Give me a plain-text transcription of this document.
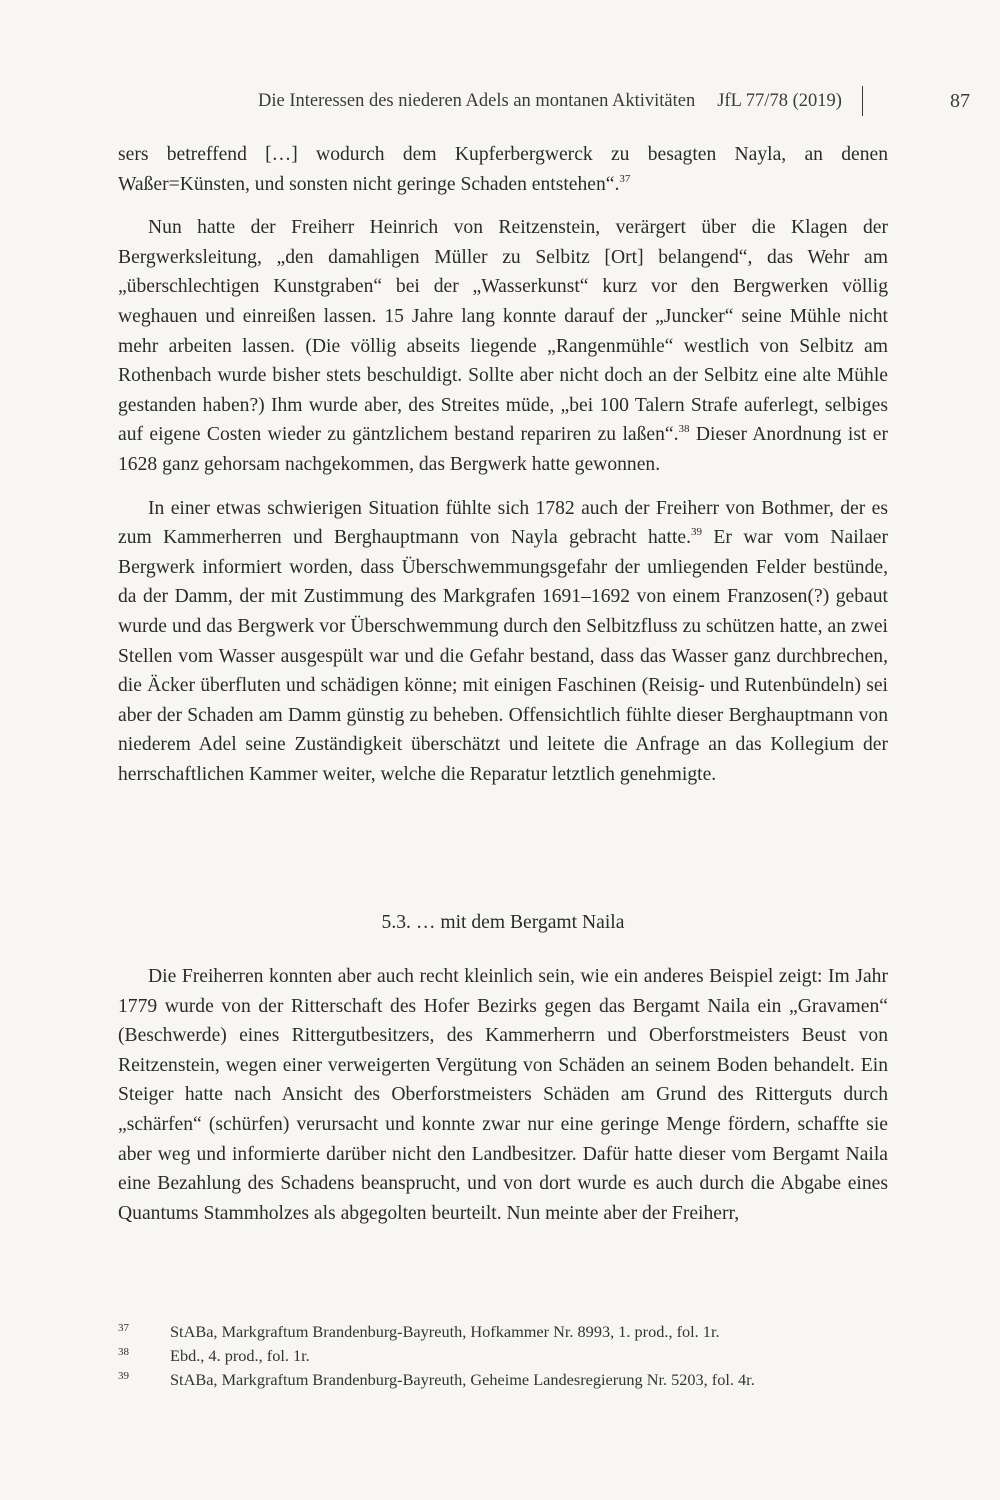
Die Interessen des niederen Adels an montanen Aktivitäten JfL 77/78 (2019)	87

sers betreffend […] wodurch dem Kupferbergwerck zu besagten Nayla, an denen Waßer=Künsten, und sonsten nicht geringe Schaden entstehen“.$^{37}$

Nun hatte der Freiherr Heinrich von Reitzenstein, verärgert über die Klagen der Bergwerksleitung, „den damahligen Müller zu Selbitz [Ort] belangend“, das Wehr am „überschlechtigen Kunstgraben“ bei der „Wasserkunst“ kurz vor den Bergwerken völlig weghauen und einreißen lassen. 15 Jahre lang konnte darauf der „Juncker“ seine Mühle nicht mehr arbeiten lassen. (Die völlig abseits liegende „Rangenmühle“ westlich von Selbitz am Rothenbach wurde bisher stets beschuldigt. Sollte aber nicht doch an der Selbitz eine alte Mühle gestanden haben?) Ihm wurde aber, des Streites müde, „bei 100 Talern Strafe auferlegt, selbiges auf eigene Costen wieder zu gäntzlichem bestand repariren zu laßen“.$^{38}$ Dieser Anordnung ist er 1628 ganz gehorsam nachgekommen, das Bergwerk hatte gewonnen.

In einer etwas schwierigen Situation fühlte sich 1782 auch der Freiherr von Bothmer, der es zum Kammerherren und Berghauptmann von Nayla gebracht hatte.$^{39}$ Er war vom Nailaer Bergwerk informiert worden, dass Überschwemmungsgefahr der umliegenden Felder bestünde, da der Damm, der mit Zustimmung des Markgrafen 1691–1692 von einem Franzosen(?) gebaut wurde und das Bergwerk vor Überschwemmung durch den Selbitzfluss zu schützen hatte, an zwei Stellen vom Wasser ausgespült war und die Gefahr bestand, dass das Wasser ganz durchbrechen, die Äcker überfluten und schädigen könne; mit einigen Faschinen (Reisig- und Rutenbündeln) sei aber der Schaden am Damm günstig zu beheben. Offensichtlich fühlte dieser Berghauptmann von niederem Adel seine Zuständigkeit überschätzt und leitete die Anfrage an das Kollegium der herrschaftlichen Kammer weiter, welche die Reparatur letztlich genehmigte.

5.3. … mit dem Bergamt Naila

Die Freiherren konnten aber auch recht kleinlich sein, wie ein anderes Beispiel zeigt: Im Jahr 1779 wurde von der Ritterschaft des Hofer Bezirks gegen das Bergamt Naila ein „Gravamen“ (Beschwerde) eines Rittergutbesitzers, des Kammerherrn und Oberforstmeisters Beust von Reitzenstein, wegen einer verweigerten Vergütung von Schäden an seinem Boden behandelt. Ein Steiger hatte nach Ansicht des Oberforstmeisters Schäden am Grund des Ritterguts durch „schärfen“ (schürfen) verursacht und konnte zwar nur eine geringe Menge fördern, schaffte sie aber weg und informierte darüber nicht den Landbesitzer. Dafür hatte dieser vom Bergamt Naila eine Bezahlung des Schadens beansprucht, und von dort wurde es auch durch die Abgabe eines Quantums Stammholzes als abgegolten beurteilt. Nun meinte aber der Freiherr,

37	StABa, Markgraftum Brandenburg-Bayreuth, Hofkammer Nr. 8993, 1. prod., fol. 1r.
38	Ebd., 4. prod., fol. 1r.
39	StABa, Markgraftum Brandenburg-Bayreuth, Geheime Landesregierung Nr. 5203, fol. 4r.
